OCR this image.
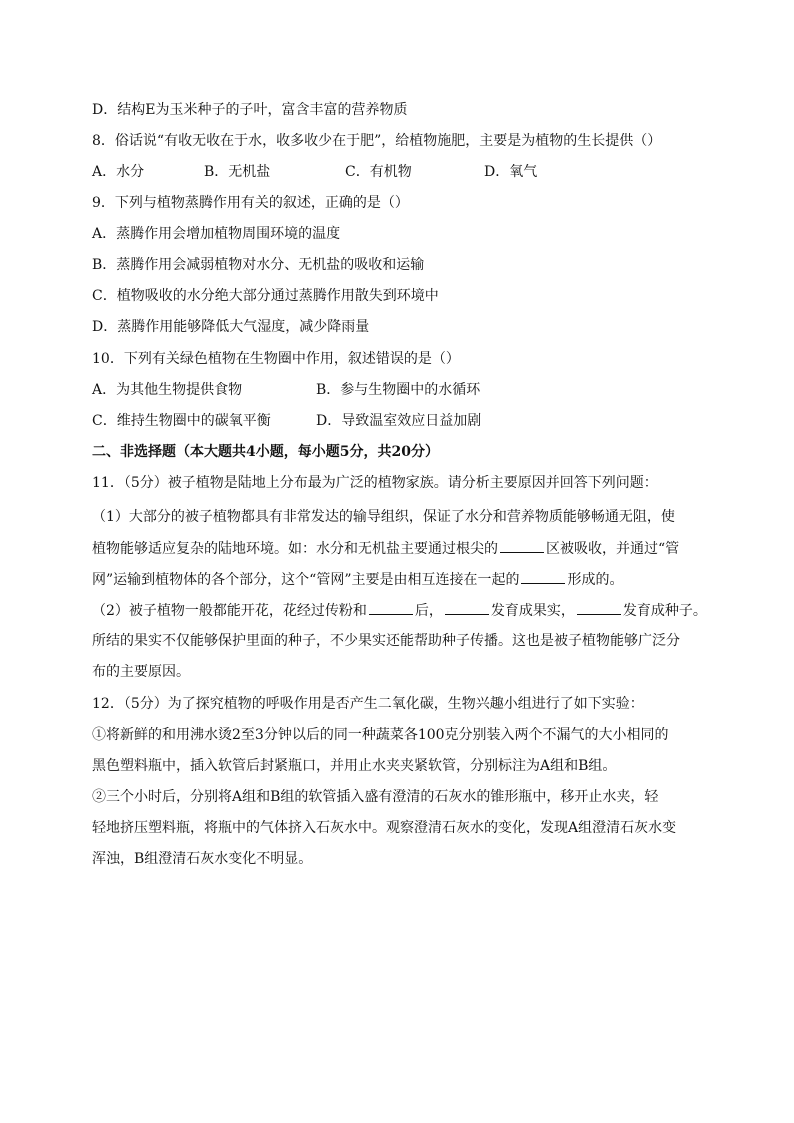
D．结构E为玉米种子的子叶，富含丰富的营养物质
8．俗话说“有收无收在于水，收多收少在于肥”，给植物施肥，主要是为植物的生长提供（）
A．水分	B．无机盐	C．有机物	D．氧气
9．下列与植物蒸腾作用有关的叙述，正确的是（）
A．蒸腾作用会增加植物周围环境的温度
B．蒸腾作用会减弱植物对水分、无机盐的吸收和运输
C．植物吸收的水分绝大部分通过蒸腾作用散失到环境中
D．蒸腾作用能够降低大气湿度，减少降雨量
10．下列有关绿色植物在生物圈中作用，叙述错误的是（）
A．为其他生物提供食物	B．参与生物圈中的水循环
C．维持生物圈中的碳氧平衡	D．导致温室效应日益加剧
二、非选择题（本大题共4小题，每小题5分，共20分）
11．（5分）被子植物是陆地上分布最为广泛的植物家族。请分析主要原因并回答下列问题：
（1）大部分的被子植物都具有非常发达的输导组织，保证了水分和营养物质能够畅通无阻，使
植物能够适应复杂的陆地环境。如：水分和无机盐主要通过根尖的	区被吸收，并通过“管
网”运输到植物体的各个部分，这个“管网”主要是由相互连接在一起的	形成的。
（2）被子植物一般都能开花，花经过传粉和	后，	发育成果实，	发育成种子。
所结的果实不仅能够保护里面的种子，不少果实还能帮助种子传播。这也是被子植物能够广泛分
布的主要原因。
12．（5分）为了探究植物的呼吸作用是否产生二氧化碳，生物兴趣小组进行了如下实验：
①将新鲜的和用沸水烫2至3分钟以后的同一种蔬菜各100克分别装入两个不漏气的大小相同的
黑色塑料瓶中，插入软管后封紧瓶口，并用止水夹夹紧软管，分别标注为A组和B组。
②三个小时后，分别将A组和B组的软管插入盛有澄清的石灰水的锥形瓶中，移开止水夹，轻
轻地挤压塑料瓶，将瓶中的气体挤入石灰水中。观察澄清石灰水的变化，发现A组澄清石灰水变
浑浊，B组澄清石灰水变化不明显。
